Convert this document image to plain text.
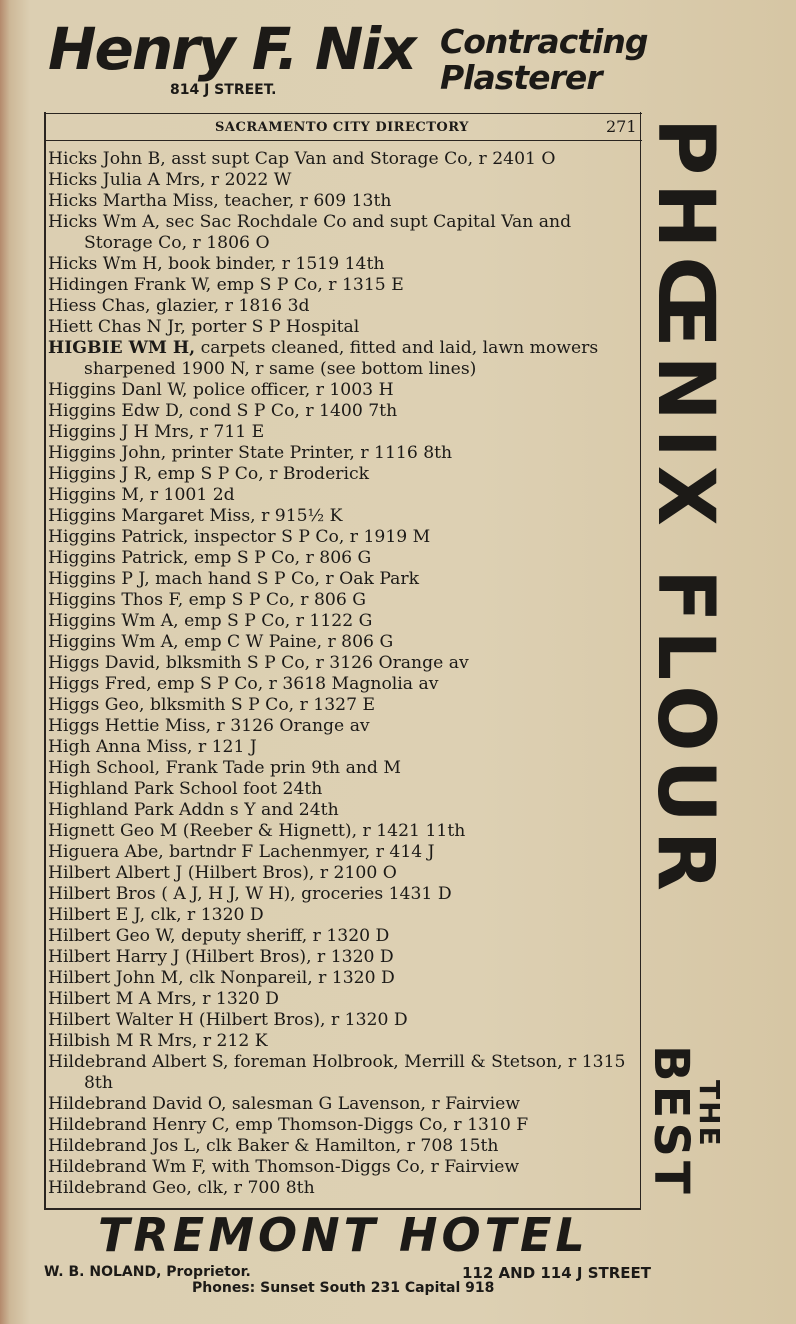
Henry F. Nix
814 J STREET.
Contracting
Plasterer
SACRAMENTO CITY DIRECTORY	271

Hicks John B, asst supt Cap Van and Storage Co, r 2401 O

Hicks Julia A Mrs, r 2022 W

Hicks Martha Miss, teacher, r 609 13th

Hicks Wm A, sec Sac Rochdale Co and supt Capital Van and Storage Co, r 1806 O

Hicks Wm H, book binder, r 1519 14th

Hidingen Frank W, emp S P Co, r 1315 E

Hiess Chas, glazier, r 1816 3d

Hiett Chas N Jr, porter S P Hospital

HIGBIE WM H, carpets cleaned, fitted and laid, lawn mowers sharpened 1900 N, r same (see bottom lines)

Higgins Danl W, police officer, r 1003 H

Higgins Edw D, cond S P Co, r 1400 7th

Higgins J H Mrs, r 711 E

Higgins John, printer State Printer, r 1116 8th

Higgins J R, emp S P Co, r Broderick

Higgins M, r 1001 2d

Higgins Margaret Miss, r 915½ K

Higgins Patrick, inspector S P Co, r 1919 M

Higgins Patrick, emp S P Co, r 806 G

Higgins P J, mach hand S P Co, r Oak Park

Higgins Thos F, emp S P Co, r 806 G

Higgins Wm A, emp S P Co, r 1122 G

Higgins Wm A, emp C W Paine, r 806 G

Higgs David, blksmith S P Co, r 3126 Orange av

Higgs Fred, emp S P Co, r 3618 Magnolia av

Higgs Geo, blksmith S P Co, r 1327 E

Higgs Hettie Miss, r 3126 Orange av

High Anna Miss, r 121 J

High School, Frank Tade prin 9th and M

Highland Park School foot 24th

Highland Park Addn s Y and 24th

Hignett Geo M (Reeber & Hignett), r 1421 11th

Higuera Abe, bartndr F Lachenmyer, r 414 J

Hilbert Albert J (Hilbert Bros), r 2100 O

Hilbert Bros ( A J, H J, W H), groceries 1431 D

Hilbert E J, clk, r 1320 D

Hilbert Geo W, deputy sheriff, r 1320 D

Hilbert Harry J (Hilbert Bros), r 1320 D

Hilbert John M, clk Nonpareil, r 1320 D

Hilbert M A Mrs, r 1320 D

Hilbert Walter H (Hilbert Bros), r 1320 D

Hilbish M R Mrs, r 212 K

Hildebrand Albert S, foreman Holbrook, Merrill & Stetson, r 1315 8th

Hildebrand David O, salesman G Lavenson, r Fairview

Hildebrand Henry C, emp Thomson-Diggs Co, r 1310 F

Hildebrand Jos L, clk Baker & Hamilton, r 708 15th

Hildebrand Wm F, with Thomson-Diggs Co, r Fairview

Hildebrand Geo, clk, r 700 8th

PHŒNIX FLOUR
BEST
THE
TREMONT HOTEL
W. B. NOLAND, Proprietor.	112 AND 114 J STREET
Phones: Sunset South 231 Capital 918
